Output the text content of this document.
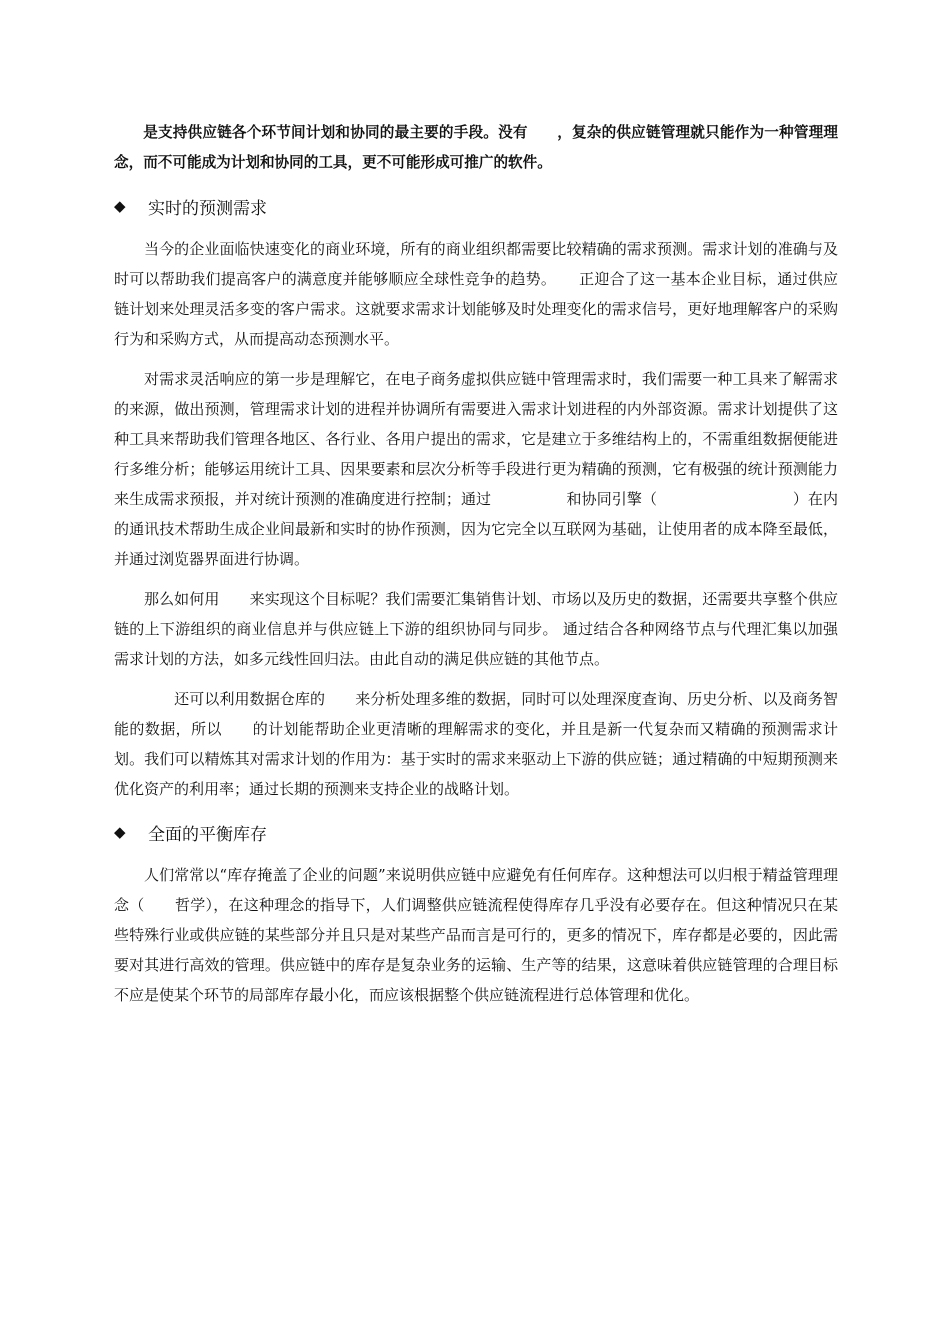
是支持供应链各个环节间计划和协同的最主要的手段。没有　　，复杂的供应链管理就只能作为一种管理理念，而不可能成为计划和协同的工具，更不可能形成可推广的软件。

◆	实时的预测需求

当今的企业面临快速变化的商业环境，所有的商业组织都需要比较精确的需求预测。需求计划的准确与及时可以帮助我们提高客户的满意度并能够顺应全球性竞争的趋势。　　正迎合了这一基本企业目标，通过供应链计划来处理灵活多变的客户需求。这就要求需求计划能够及时处理变化的需求信号，更好地理解客户的采购行为和采购方式，从而提高动态预测水平。

对需求灵活响应的第一步是理解它，在电子商务虚拟供应链中管理需求时，我们需要一种工具来了解需求的来源，做出预测，管理需求计划的进程并协调所有需要进入需求计划进程的内外部资源。需求计划提供了这种工具来帮助我们管理各地区、各行业、各用户提出的需求，它是建立于多维结构上的，不需重组数据便能进行多维分析；能够运用统计工具、因果要素和层次分析等手段进行更为精确的预测，它有极强的统计预测能力来生成需求预报，并对统计预测的准确度进行控制；通过　　　　　和协同引擎（　　　　　　　　　）在内的通讯技术帮助生成企业间最新和实时的协作预测，因为它完全以互联网为基础，让使用者的成本降至最低，并通过浏览器界面进行协调。

那么如何用　　来实现这个目标呢？我们需要汇集销售计划、市场以及历史的数据，还需要共享整个供应链的上下游组织的商业信息并与供应链上下游的组织协同与同步。 通过结合各种网络节点与代理汇集以加强需求计划的方法，如多元线性回归法。由此自动的满足供应链的其他节点。

　　还可以利用数据仓库的　　来分析处理多维的数据，同时可以处理深度查询、历史分析、以及商务智能的数据，所以　　的计划能帮助企业更清晰的理解需求的变化，并且是新一代复杂而又精确的预测需求计划。我们可以精炼其对需求计划的作用为：基于实时的需求来驱动上下游的供应链；通过精确的中短期预测来优化资产的利用率；通过长期的预测来支持企业的战略计划。

◆	全面的平衡库存

人们常常以“库存掩盖了企业的问题”来说明供应链中应避免有任何库存。这种想法可以归根于精益管理理念（　　哲学），在这种理念的指导下，人们调整供应链流程使得库存几乎没有必要存在。但这种情况只在某些特殊行业或供应链的某些部分并且只是对某些产品而言是可行的，更多的情况下，库存都是必要的，因此需要对其进行高效的管理。供应链中的库存是复杂业务的运输、生产等的结果，这意味着供应链管理的合理目标不应是使某个环节的局部库存最小化，而应该根据整个供应链流程进行总体管理和优化。
